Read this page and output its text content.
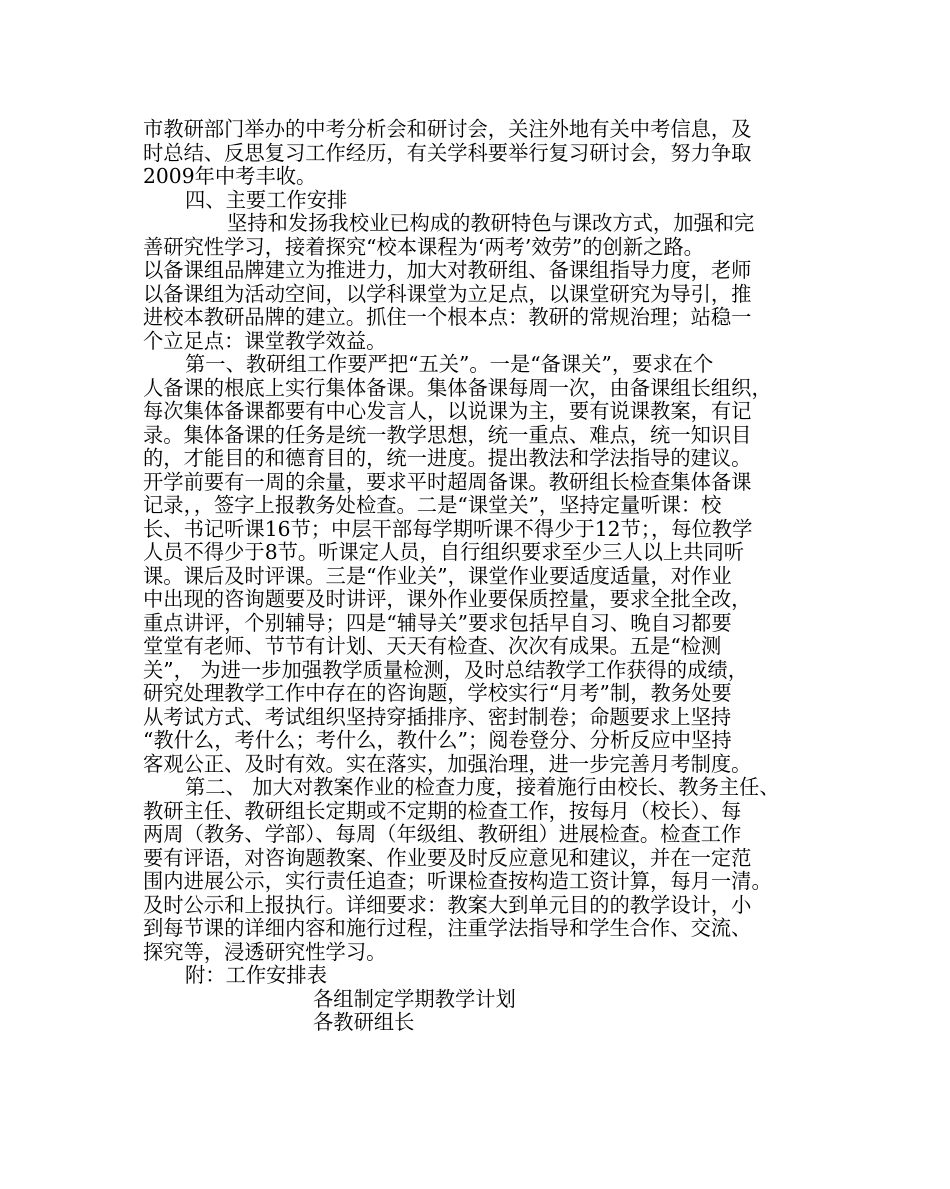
市教研部门举办的中考分析会和研讨会，关注外地有关中考信息，及
时总结、反思复习工作经历，有关学科要举行复习研讨会，努力争取
2009年中考丰收。
四、主要工作安排
坚持和发扬我校业已构成的教研特色与课改方式，加强和完
善研究性学习，接着探究“校本课程为‘两考’效劳”的创新之路。
以备课组品牌建立为推进力，加大对教研组、备课组指导力度，老师
以备课组为活动空间，以学科课堂为立足点，以课堂研究为导引，推
进校本教研品牌的建立。抓住一个根本点：教研的常规治理；站稳一
个立足点：课堂教学效益。
第一、教研组工作要严把“五关”。一是“备课关”，要求在个
人备课的根底上实行集体备课。集体备课每周一次，由备课组长组织，
每次集体备课都要有中心发言人，以说课为主，要有说课教案，有记
录。集体备课的任务是统一教学思想，统一重点、难点，统一知识目
的，才能目的和德育目的，统一进度。提出教法和学法指导的建议。
开学前要有一周的余量，要求平时超周备课。教研组长检查集体备课
记录，，签字上报教务处检查。二是“课堂关”，坚持定量听课：校
长、书记听课16节；中层干部每学期听课不得少于12节；，每位教学
人员不得少于8节。听课定人员，自行组织要求至少三人以上共同听
课。课后及时评课。三是“作业关”，课堂作业要适度适量，对作业
中出现的咨询题要及时讲评，课外作业要保质控量，要求全批全改，
重点讲评，个别辅导；四是“辅导关”要求包括早自习、晚自习都要
堂堂有老师、节节有计划、天天有检查、次次有成果。五是“检测
关”， 为进一步加强教学质量检测，及时总结教学工作获得的成绩，
研究处理教学工作中存在的咨询题，学校实行“月考”制，教务处要
从考试方式、考试组织坚持穿插排序、密封制卷；命题要求上坚持
“教什么，考什么；考什么，教什么”；阅卷登分、分析反应中坚持
客观公正、及时有效。实在落实，加强治理，进一步完善月考制度。
第二、 加大对教案作业的检查力度，接着施行由校长、教务主任、
教研主任、教研组长定期或不定期的检查工作，按每月（校长）、每
两周（教务、学部）、每周（年级组、教研组）进展检查。检查工作
要有评语，对咨询题教案、作业要及时反应意见和建议，并在一定范
围内进展公示，实行责任追查；听课检查按构造工资计算，每月一清。
及时公示和上报执行。详细要求：教案大到单元目的的教学设计，小
到每节课的详细内容和施行过程，注重学法指导和学生合作、交流、
探究等，浸透研究性学习。
附：工作安排表
各组制定学期教学计划
各教研组长
